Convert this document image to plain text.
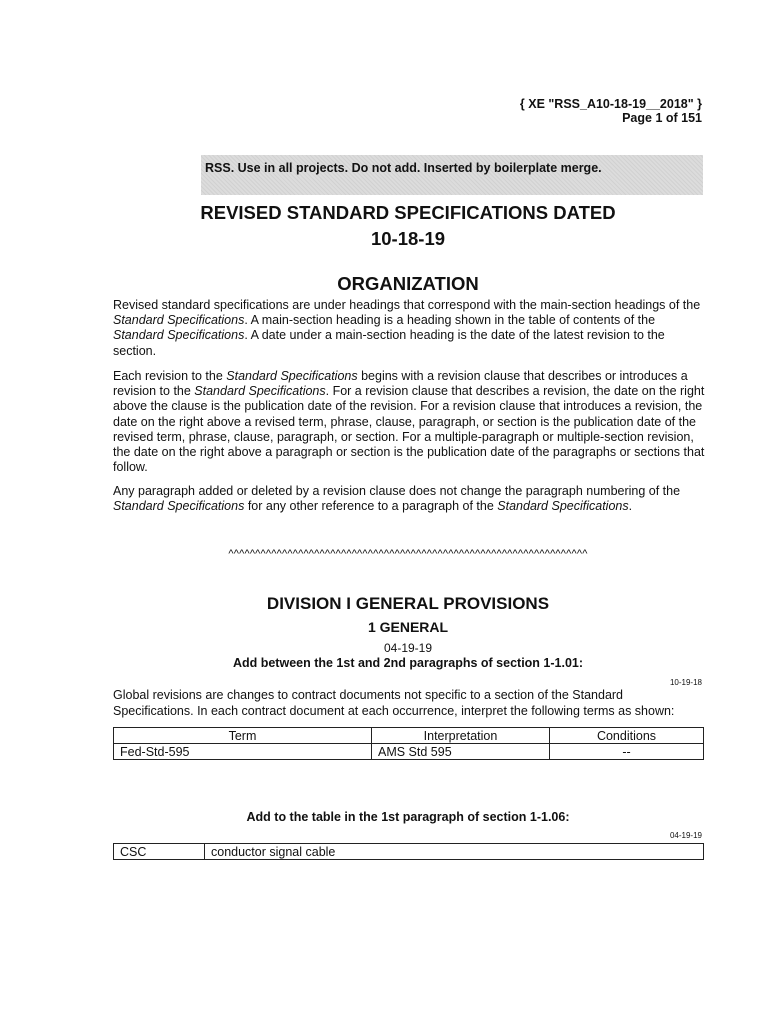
{ XE "RSS_A10-18-19__2018" }
Page 1 of 151
RSS. Use in all projects. Do not add. Inserted by boilerplate merge.
REVISED STANDARD SPECIFICATIONS DATED
10-18-19
ORGANIZATION
Revised standard specifications are under headings that correspond with the main-section headings of the Standard Specifications. A main-section heading is a heading shown in the table of contents of the Standard Specifications. A date under a main-section heading is the date of the latest revision to the section.
Each revision to the Standard Specifications begins with a revision clause that describes or introduces a revision to the Standard Specifications. For a revision clause that describes a revision, the date on the right above the clause is the publication date of the revision. For a revision clause that introduces a revision, the date on the right above a revised term, phrase, clause, paragraph, or section is the publication date of the revised term, phrase, clause, paragraph, or section. For a multiple-paragraph or multiple-section revision, the date on the right above a paragraph or section is the publication date of the paragraphs or sections that follow.
Any paragraph added or deleted by a revision clause does not change the paragraph numbering of the Standard Specifications for any other reference to a paragraph of the Standard Specifications.
^^^^^^^^^^^^^^^^^^^^^^^^^^^^^^^^^^^^^^^^^^^^^^^^^^^^^^^^^^^^^^^^^^^
DIVISION I GENERAL PROVISIONS
1 GENERAL
04-19-19
Add between the 1st and 2nd paragraphs of section 1-1.01:
10-19-18
Global revisions are changes to contract documents not specific to a section of the Standard Specifications. In each contract document at each occurrence, interpret the following terms as shown:
Term	Interpretation	Conditions
Fed-Std-595	AMS Std 595	--
Add to the table in the 1st paragraph of section 1-1.06:
04-19-19
CSC	conductor signal cable
